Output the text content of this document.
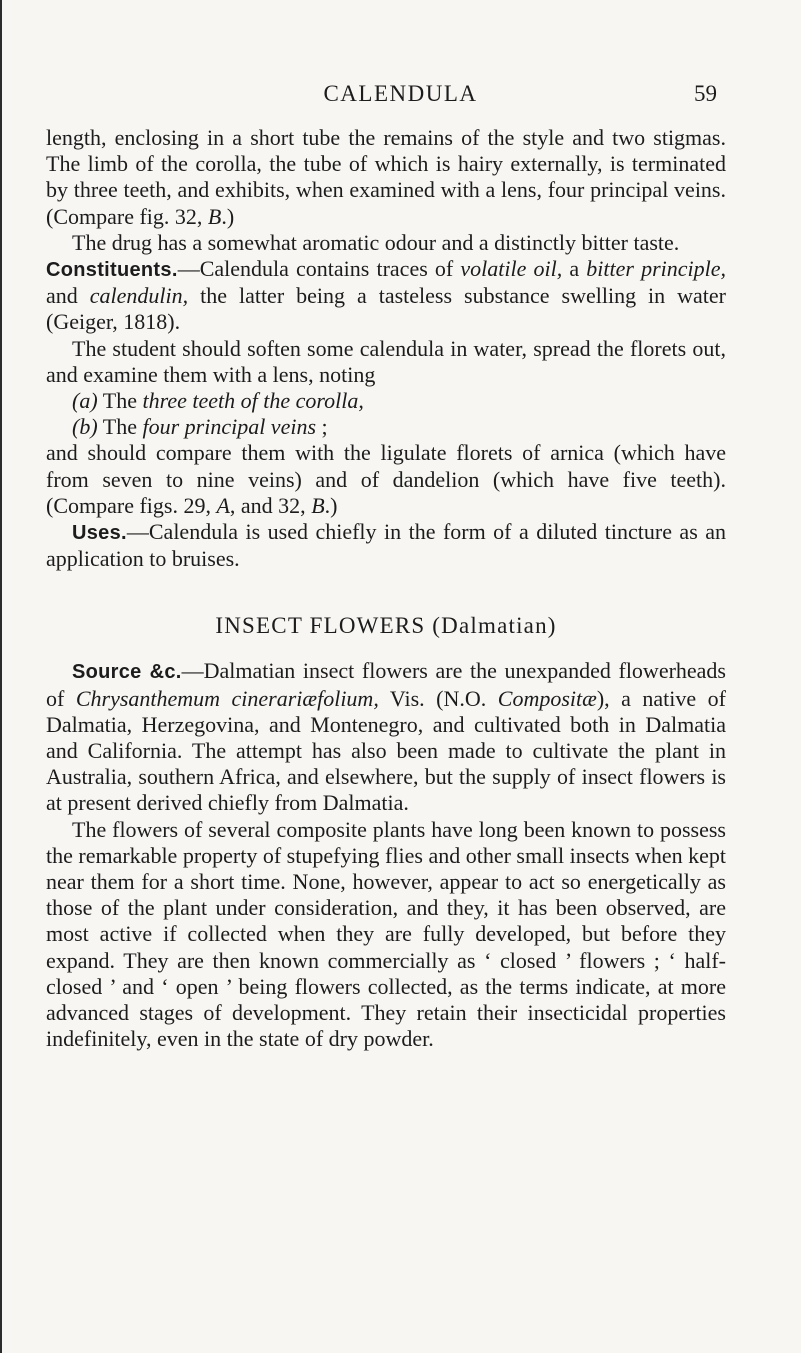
CALENDULA	59

length, enclosing in a short tube the remains of the style and two stigmas. The limb of the corolla, the tube of which is hairy externally, is terminated by three teeth, and exhibits, when examined with a lens, four principal veins. (Compare fig. 32, B.)

The drug has a somewhat aromatic odour and a distinctly bitter taste.

Constituents.—Calendula contains traces of volatile oil, a bitter principle, and calendulin, the latter being a tasteless substance swelling in water (Geiger, 1818).

The student should soften some calendula in water, spread the florets out, and examine them with a lens, noting

(a) The three teeth of the corolla,

(b) The four principal veins ;

and should compare them with the ligulate florets of arnica (which have from seven to nine veins) and of dandelion (which have five teeth). (Compare figs. 29, A, and 32, B.)

Uses.—Calendula is used chiefly in the form of a diluted tincture as an application to bruises.

INSECT FLOWERS (Dalmatian)

Source &c.—Dalmatian insect flowers are the unexpanded flowerheads of Chrysanthemum cinerariæfolium, Vis. (N.O. Compositæ), a native of Dalmatia, Herzegovina, and Montenegro, and cultivated both in Dalmatia and California. The attempt has also been made to cultivate the plant in Australia, southern Africa, and elsewhere, but the supply of insect flowers is at present derived chiefly from Dalmatia.

The flowers of several composite plants have long been known to possess the remarkable property of stupefying flies and other small insects when kept near them for a short time. None, however, appear to act so energetically as those of the plant under consideration, and they, it has been observed, are most active if collected when they are fully developed, but before they expand. They are then known commercially as ‘ closed ’ flowers ; ‘ half-closed ’ and ‘ open ’ being flowers collected, as the terms indicate, at more advanced stages of development. They retain their insecticidal properties indefinitely, even in the state of dry powder.
